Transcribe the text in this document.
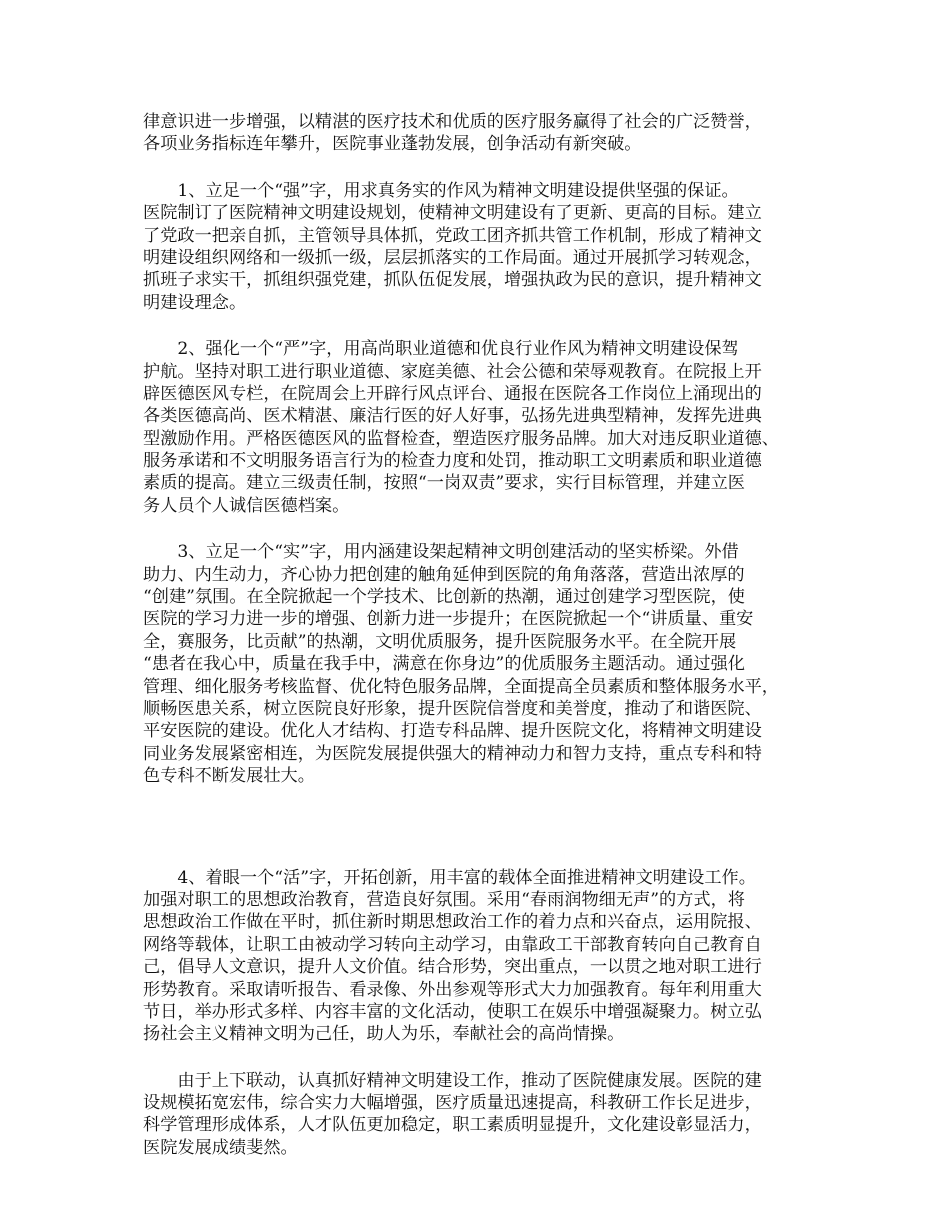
律意识进一步增强，以精湛的医疗技术和优质的医疗服务赢得了社会的广泛赞誉，
各项业务指标连年攀升，医院事业蓬勃发展，创争活动有新突破。

　　1、立足一个“强”字，用求真务实的作风为精神文明建设提供坚强的保证。
医院制订了医院精神文明建设规划，使精神文明建设有了更新、更高的目标。建立
了党政一把亲自抓，主管领导具体抓，党政工团齐抓共管工作机制，形成了精神文
明建设组织网络和一级抓一级，层层抓落实的工作局面。通过开展抓学习转观念，
抓班子求实干，抓组织强党建，抓队伍促发展，增强执政为民的意识，提升精神文
明建设理念。

　　2、强化一个“严”字，用高尚职业道德和优良行业作风为精神文明建设保驾
护航。坚持对职工进行职业道德、家庭美德、社会公德和荣辱观教育。在院报上开
辟医德医风专栏，在院周会上开辟行风点评台、通报在医院各工作岗位上涌现出的
各类医德高尚、医术精湛、廉洁行医的好人好事，弘扬先进典型精神，发挥先进典
型激励作用。严格医德医风的监督检查，塑造医疗服务品牌。加大对违反职业道德、
服务承诺和不文明服务语言行为的检查力度和处罚，推动职工文明素质和职业道德
素质的提高。建立三级责任制，按照“一岗双责”要求，实行目标管理，并建立医
务人员个人诚信医德档案。

　　3、立足一个“实”字，用内涵建设架起精神文明创建活动的坚实桥梁。外借
助力、内生动力，齐心协力把创建的触角延伸到医院的角角落落，营造出浓厚的
“创建”氛围。在全院掀起一个学技术、比创新的热潮，通过创建学习型医院，使
医院的学习力进一步的增强、创新力进一步提升；在医院掀起一个“讲质量、重安
全，赛服务，比贡献”的热潮，文明优质服务，提升医院服务水平。在全院开展
“患者在我心中，质量在我手中，满意在你身边”的优质服务主题活动。通过强化
管理、细化服务考核监督、优化特色服务品牌，全面提高全员素质和整体服务水平，
顺畅医患关系，树立医院良好形象，提升医院信誉度和美誉度，推动了和谐医院、
平安医院的建设。优化人才结构、打造专科品牌、提升医院文化，将精神文明建设
同业务发展紧密相连，为医院发展提供强大的精神动力和智力支持，重点专科和特
色专科不断发展壮大。

　　4、着眼一个“活”字，开拓创新，用丰富的载体全面推进精神文明建设工作。
加强对职工的思想政治教育，营造良好氛围。采用“春雨润物细无声”的方式，将
思想政治工作做在平时，抓住新时期思想政治工作的着力点和兴奋点，运用院报、
网络等载体，让职工由被动学习转向主动学习，由靠政工干部教育转向自己教育自
己，倡导人文意识，提升人文价值。结合形势，突出重点，一以贯之地对职工进行
形势教育。采取请听报告、看录像、外出参观等形式大力加强教育。每年利用重大
节日，举办形式多样、内容丰富的文化活动，使职工在娱乐中增强凝聚力。树立弘
扬社会主义精神文明为己任，助人为乐，奉献社会的高尚情操。

　　由于上下联动，认真抓好精神文明建设工作，推动了医院健康发展。医院的建
设规模拓宽宏伟，综合实力大幅增强，医疗质量迅速提高，科教研工作长足进步，
科学管理形成体系，人才队伍更加稳定，职工素质明显提升，文化建设彰显活力，
医院发展成绩斐然。
